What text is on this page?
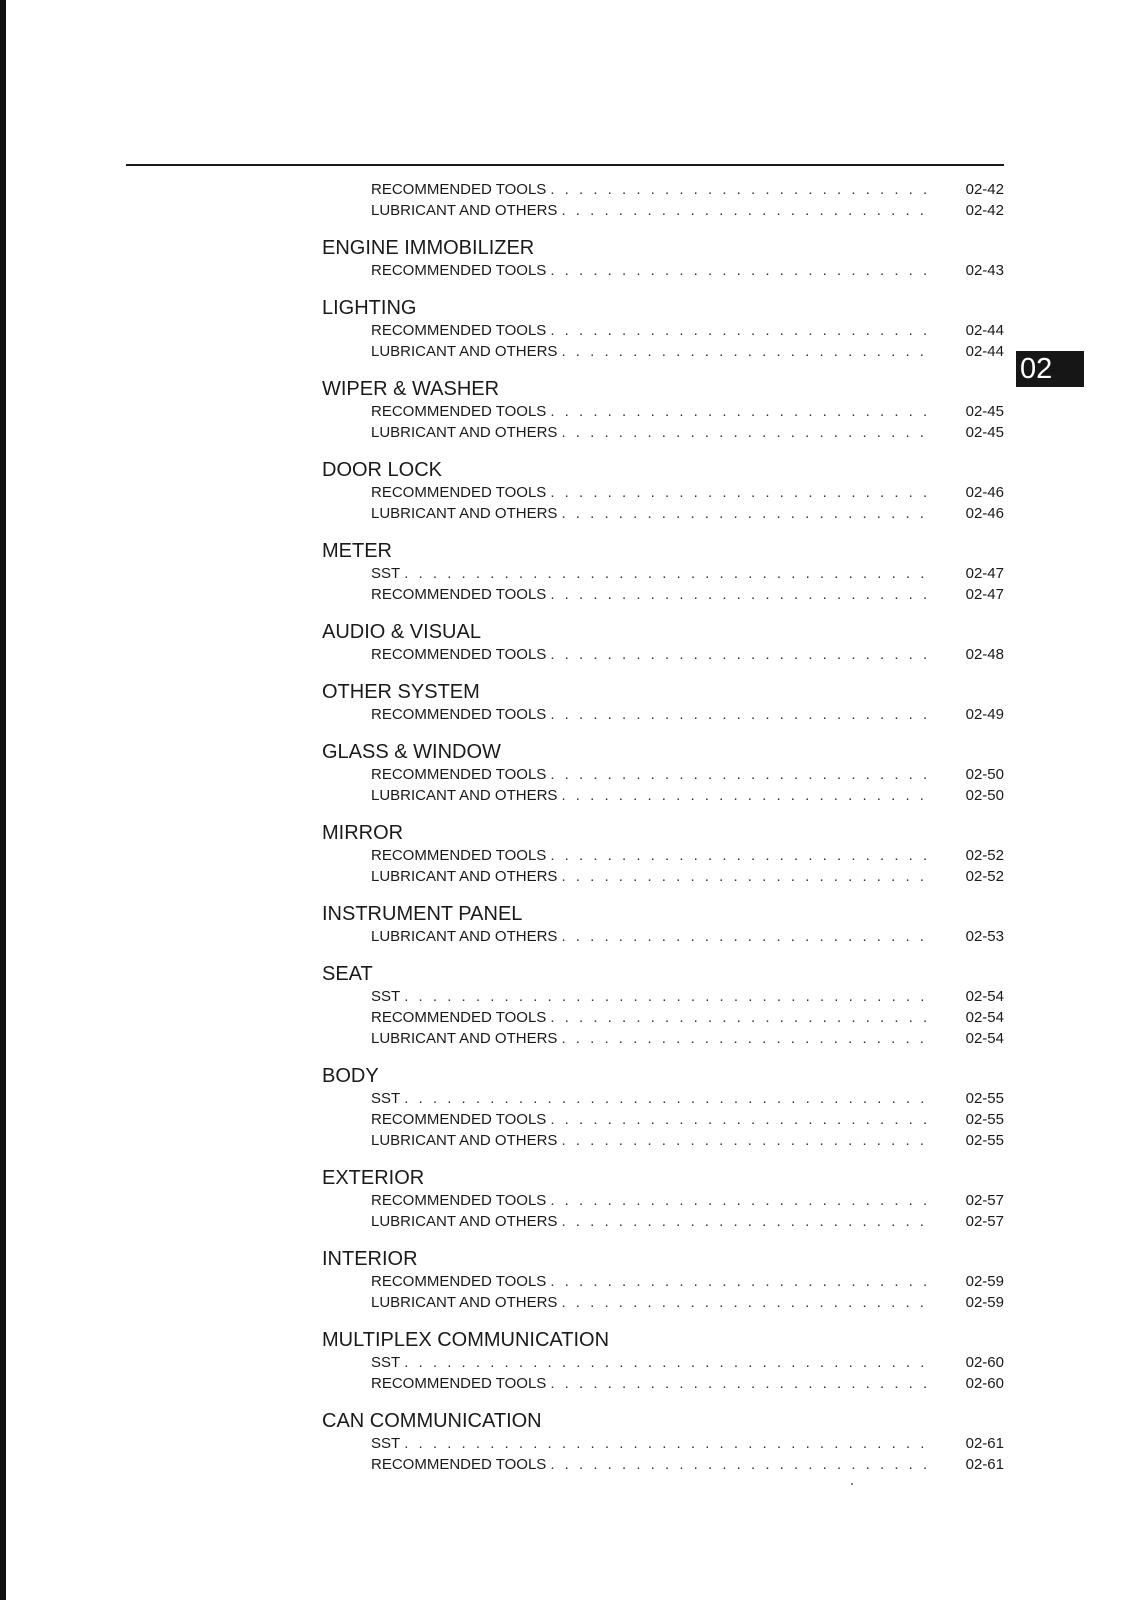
02
RECOMMENDED TOOLS . . .	02-42
LUBRICANT AND OTHERS . . .	02-42
ENGINE IMMOBILIZER
RECOMMENDED TOOLS . . .	02-43
LIGHTING
RECOMMENDED TOOLS . . .	02-44
LUBRICANT AND OTHERS . . .	02-44
WIPER & WASHER
RECOMMENDED TOOLS . . .	02-45
LUBRICANT AND OTHERS . . .	02-45
DOOR LOCK
RECOMMENDED TOOLS . . .	02-46
LUBRICANT AND OTHERS . . .	02-46
METER
SST . . .	02-47
RECOMMENDED TOOLS . . .	02-47
AUDIO & VISUAL
RECOMMENDED TOOLS . . .	02-48
OTHER SYSTEM
RECOMMENDED TOOLS . . .	02-49
GLASS & WINDOW
RECOMMENDED TOOLS . . .	02-50
LUBRICANT AND OTHERS . . .	02-50
MIRROR
RECOMMENDED TOOLS . . .	02-52
LUBRICANT AND OTHERS . . .	02-52
INSTRUMENT PANEL
LUBRICANT AND OTHERS . . .	02-53
SEAT
SST . . .	02-54
RECOMMENDED TOOLS . . .	02-54
LUBRICANT AND OTHERS . . .	02-54
BODY
SST . . .	02-55
RECOMMENDED TOOLS . . .	02-55
LUBRICANT AND OTHERS . . .	02-55
EXTERIOR
RECOMMENDED TOOLS . . .	02-57
LUBRICANT AND OTHERS . . .	02-57
INTERIOR
RECOMMENDED TOOLS . . .	02-59
LUBRICANT AND OTHERS . . .	02-59
MULTIPLEX COMMUNICATION
SST . . .	02-60
RECOMMENDED TOOLS . . .	02-60
CAN COMMUNICATION
SST . . .	02-61
RECOMMENDED TOOLS . . .	02-61
